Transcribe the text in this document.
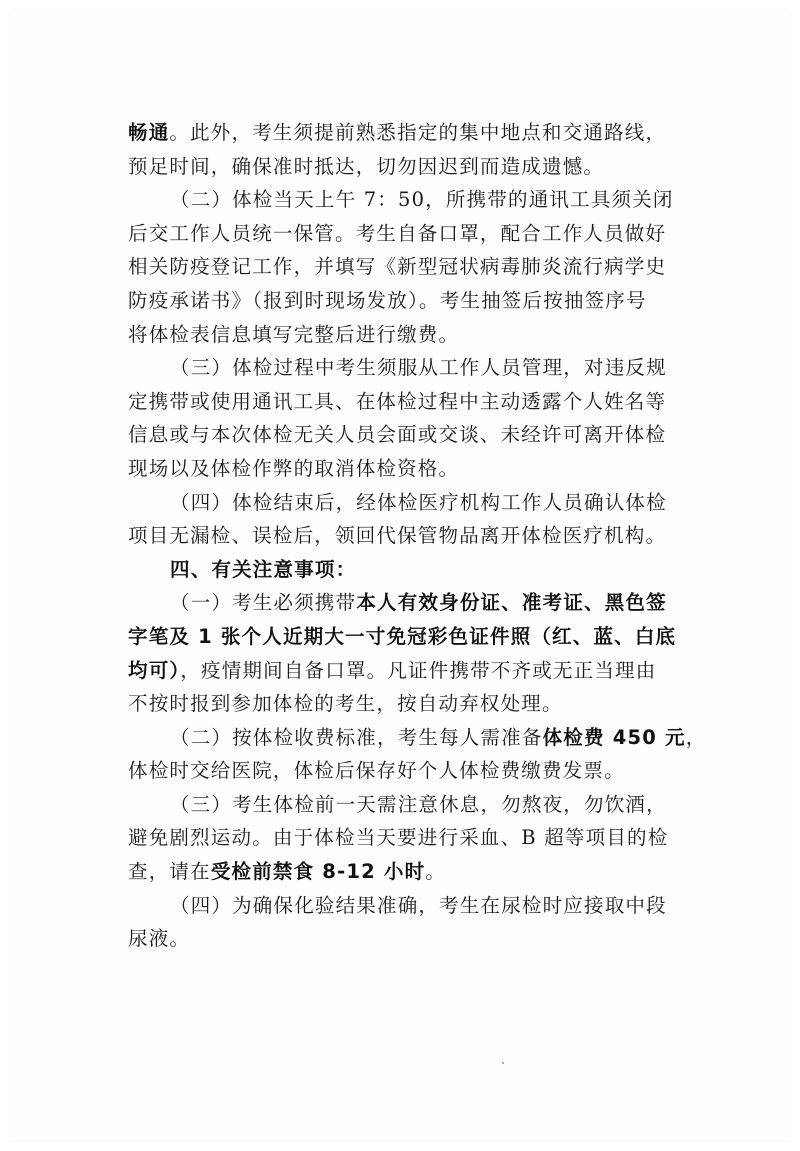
畅通。此外，考生须提前熟悉指定的集中地点和交通路线，
预足时间，确保准时抵达，切勿因迟到而造成遗憾。
（二）体检当天上午 7：50，所携带的通讯工具须关闭
后交工作人员统一保管。考生自备口罩，配合工作人员做好
相关防疫登记工作，并填写《新型冠状病毒肺炎流行病学史
防疫承诺书》（报到时现场发放）。考生抽签后按抽签序号
将体检表信息填写完整后进行缴费。
（三）体检过程中考生须服从工作人员管理，对违反规
定携带或使用通讯工具、在体检过程中主动透露个人姓名等
信息或与本次体检无关人员会面或交谈、未经许可离开体检
现场以及体检作弊的取消体检资格。
（四）体检结束后，经体检医疗机构工作人员确认体检
项目无漏检、误检后，领回代保管物品离开体检医疗机构。
四、有关注意事项：
（一）考生必须携带本人有效身份证、准考证、黑色签
字笔及 1 张个人近期大一寸免冠彩色证件照（红、蓝、白底
均可），疫情期间自备口罩。凡证件携带不齐或无正当理由
不按时报到参加体检的考生，按自动弃权处理。
（二）按体检收费标准，考生每人需准备体检费 450 元，
体检时交给医院，体检后保存好个人体检费缴费发票。
（三）考生体检前一天需注意休息，勿熬夜，勿饮酒，
避免剧烈运动。由于体检当天要进行采血、B 超等项目的检
查，请在受检前禁食 8-12 小时。
（四）为确保化验结果准确，考生在尿检时应接取中段
尿液。
